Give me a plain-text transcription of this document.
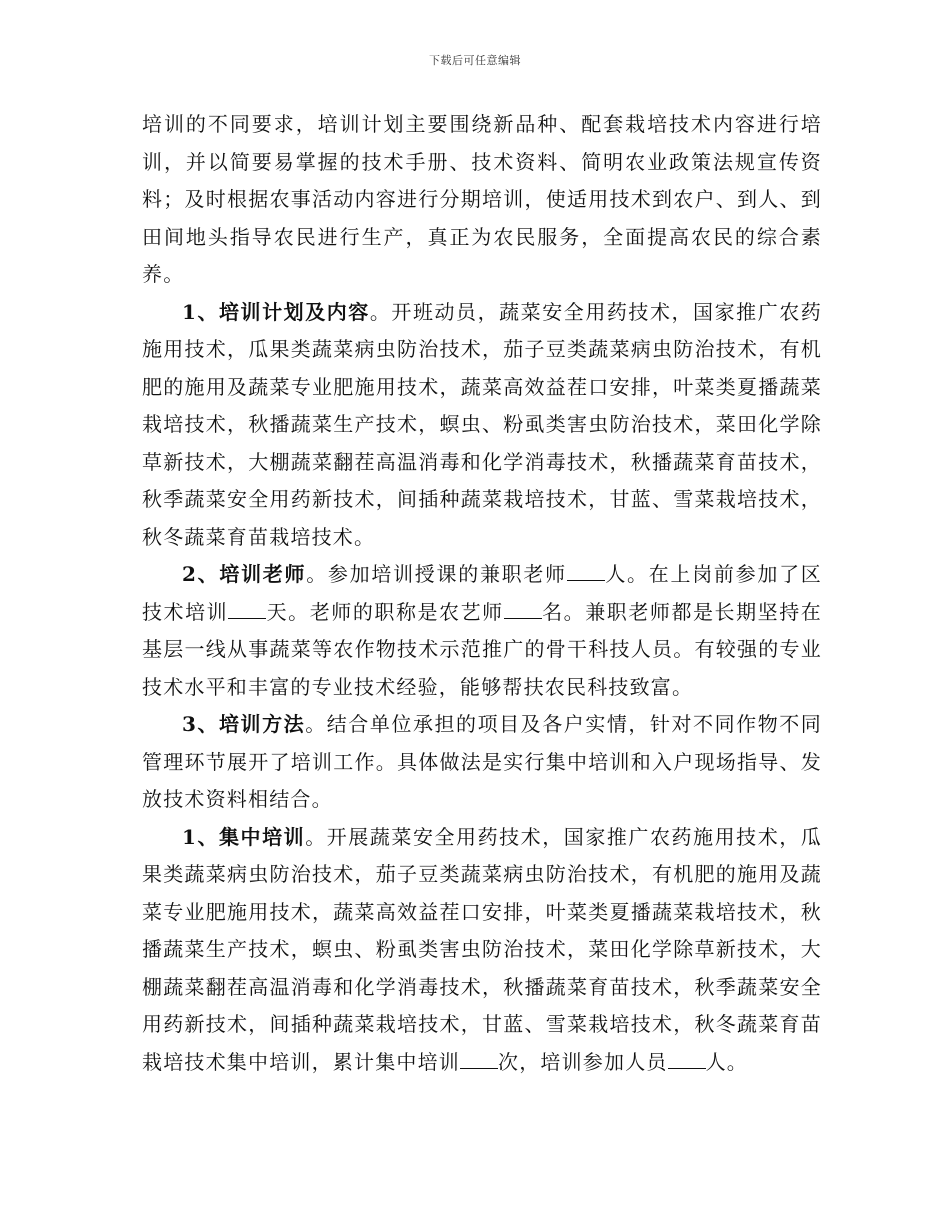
下载后可任意编辑

培训的不同要求，培训计划主要围绕新品种、配套栽培技术内容进行培训，并以简要易掌握的技术手册、技术资料、简明农业政策法规宣传资料；及时根据农事活动内容进行分期培训，使适用技术到农户、到人、到田间地头指导农民进行生产，真正为农民服务，全面提高农民的综合素养。

1、培训计划及内容。开班动员，蔬菜安全用药技术，国家推广农药施用技术，瓜果类蔬菜病虫防治技术，茄子豆类蔬菜病虫防治技术，有机肥的施用及蔬菜专业肥施用技术，蔬菜高效益茬口安排，叶菜类夏播蔬菜栽培技术，秋播蔬菜生产技术，螟虫、粉虱类害虫防治技术，菜田化学除草新技术，大棚蔬菜翻茬高温消毒和化学消毒技术，秋播蔬菜育苗技术，秋季蔬菜安全用药新技术，间插种蔬菜栽培技术，甘蓝、雪菜栽培技术，秋冬蔬菜育苗栽培技术。

2、培训老师。参加培训授课的兼职老师 人。在上岗前参加了区技术培训 天。老师的职称是农艺师 名。兼职老师都是长期坚持在基层一线从事蔬菜等农作物技术示范推广的骨干科技人员。有较强的专业技术水平和丰富的专业技术经验，能够帮扶农民科技致富。

3、培训方法。结合单位承担的项目及各户实情，针对不同作物不同管理环节展开了培训工作。具体做法是实行集中培训和入户现场指导、发放技术资料相结合。

1、集中培训。开展蔬菜安全用药技术，国家推广农药施用技术，瓜果类蔬菜病虫防治技术，茄子豆类蔬菜病虫防治技术，有机肥的施用及蔬菜专业肥施用技术，蔬菜高效益茬口安排，叶菜类夏播蔬菜栽培技术，秋播蔬菜生产技术，螟虫、粉虱类害虫防治技术，菜田化学除草新技术，大棚蔬菜翻茬高温消毒和化学消毒技术，秋播蔬菜育苗技术，秋季蔬菜安全用药新技术，间插种蔬菜栽培技术，甘蓝、雪菜栽培技术，秋冬蔬菜育苗栽培技术集中培训，累计集中培训 次，培训参加人员 人。
